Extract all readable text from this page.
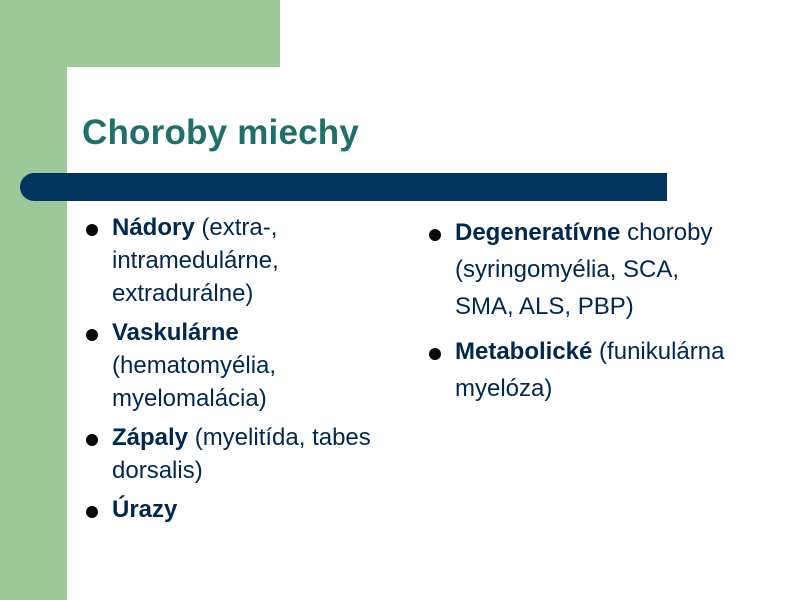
Choroby miechy
Nádory (extra-, intramedulárne, extradurálne)
Vaskulárne (hematomyélia, myelomalácia)
Zápaly (myelitída, tabes dorsalis)
Úrazy
Degeneratívne choroby (syringomyélia, SCA, SMA, ALS, PBP)
Metabolické (funikulárna myelóza)
